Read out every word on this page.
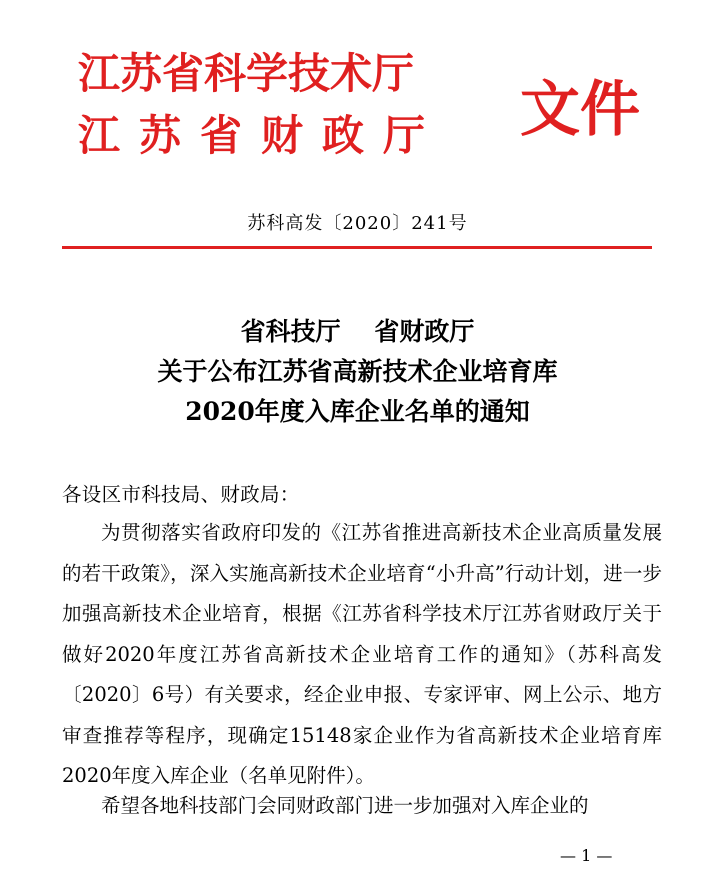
江苏省科学技术厅
江苏省财政厅 文件
苏科高发〔2020〕241号
省科技厅　 省财政厅
关于公布江苏省高新技术企业培育库
2020年度入库企业名单的通知
各设区市科技局、财政局：
为贯彻落实省政府印发的《江苏省推进高新技术企业高质量发展的若干政策》，深入实施高新技术企业培育“小升高”行动计划，进一步加强高新技术企业培育，根据《江苏省科学技术厅江苏省财政厅关于做好2020年度江苏省高新技术企业培育工作的通知》（苏科高发〔2020〕6号）有关要求，经企业申报、专家评审、网上公示、地方审查推荐等程序，现确定15148家企业作为省高新技术企业培育库2020年度入库企业（名单见附件）。
希望各地科技部门会同财政部门进一步加强对入库企业的
— 1 —
